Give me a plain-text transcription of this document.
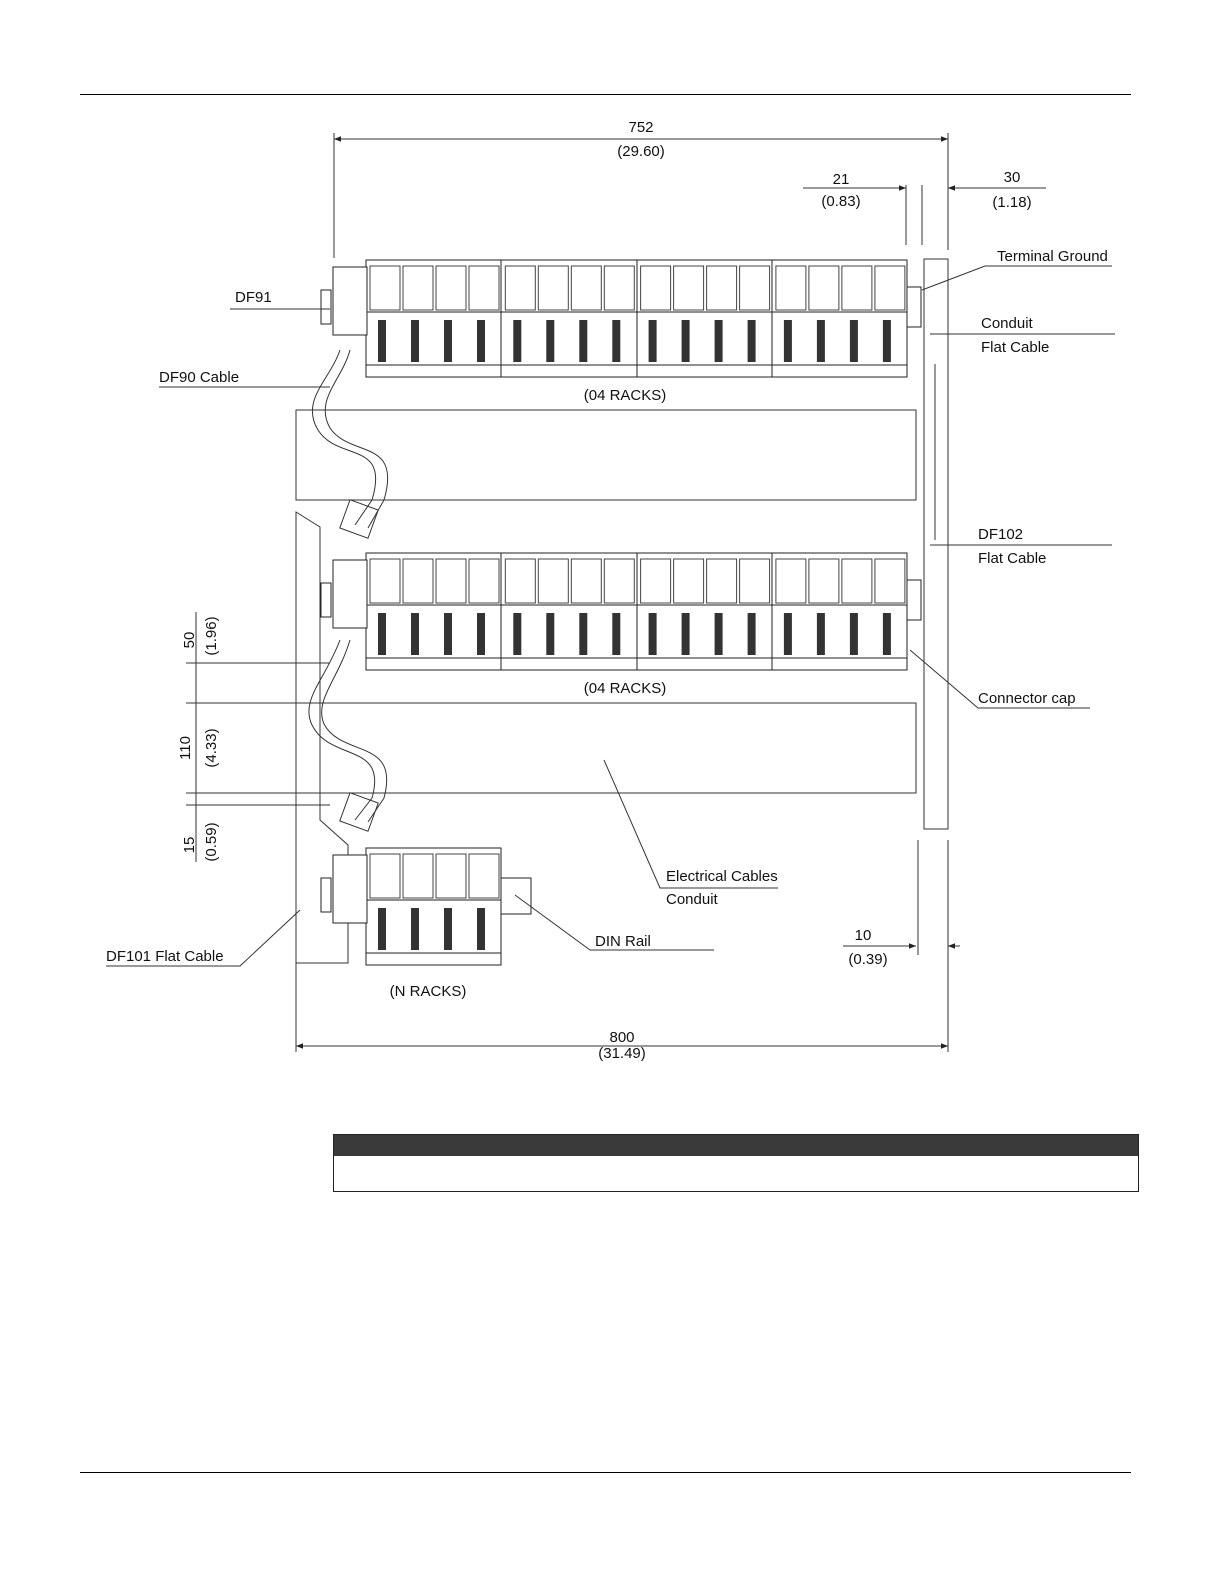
752
(29.60)
21
(0.83)
30
(1.18)
Terminal Ground
Conduit
Flat Cable
DF91
DF90 Cable
(04 RACKS)
DF102
Flat Cable
(04 RACKS)
Connector cap
Electrical Cables
Conduit
DIN Rail	10
(0.39)
DF101 Flat Cable
(N RACKS)
800
(31.49)
50 (1.96)
110 (4.33)
15 (0.59)
